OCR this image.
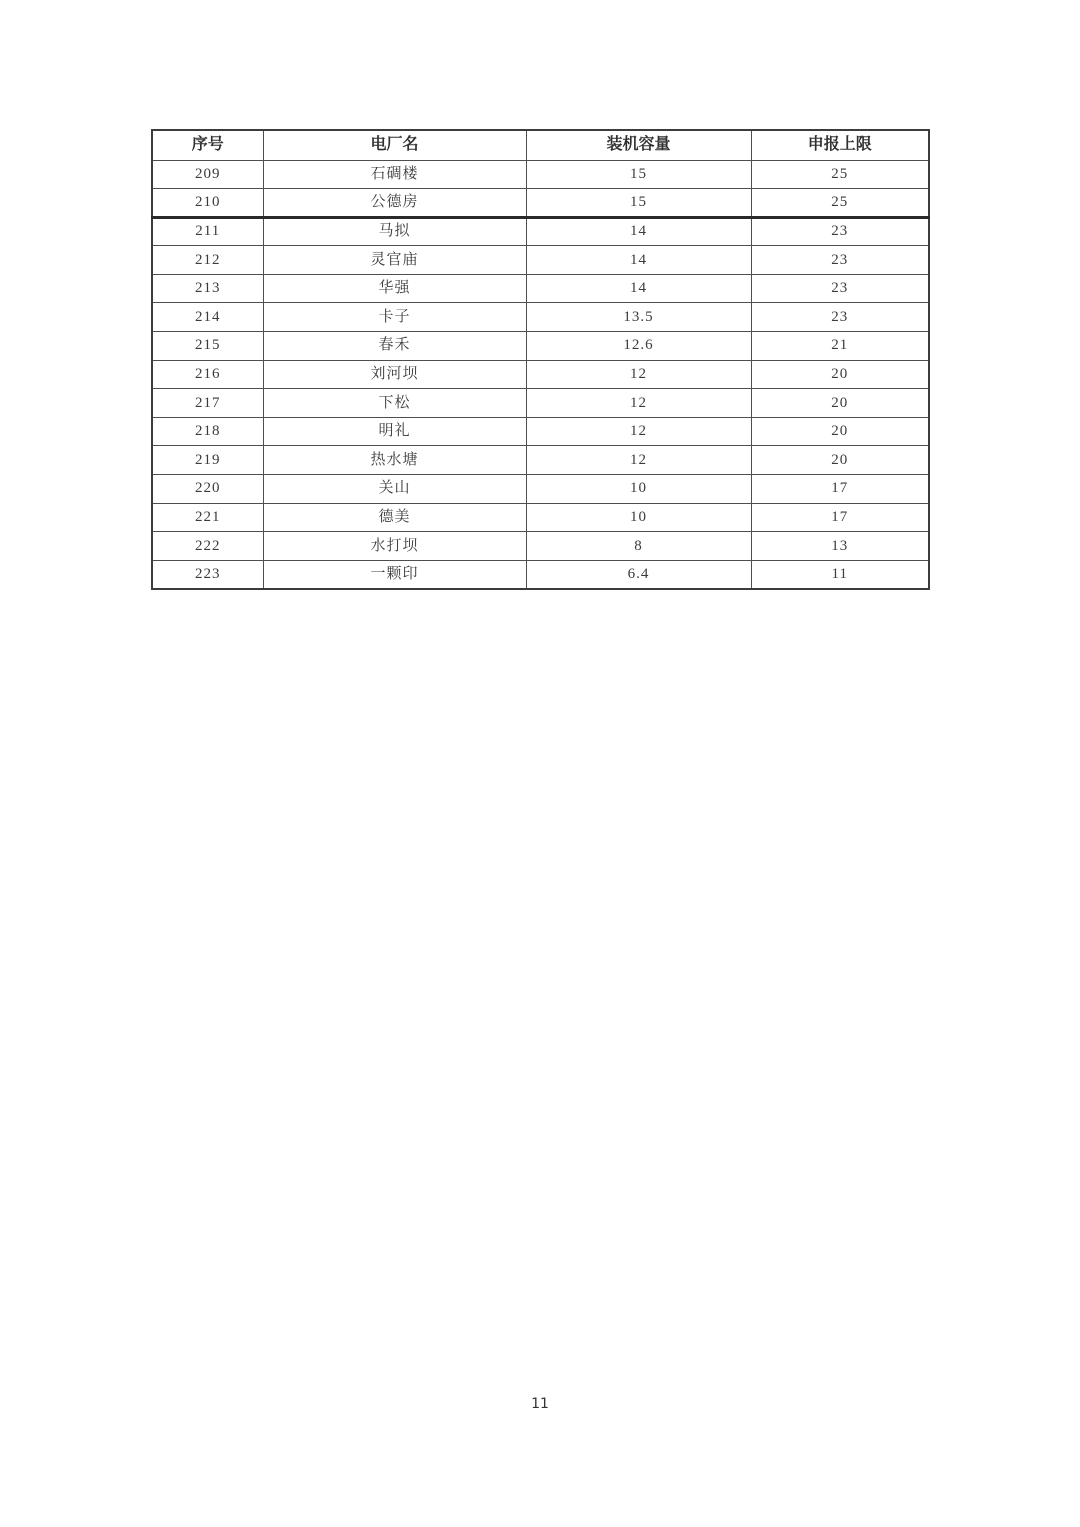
序号	电厂名	装机容量	申报上限
209	石碉楼	15	25
210	公德房	15	25
211	马拟	14	23
212	灵官庙	14	23
213	华强	14	23
214	卡子	13.5	23
215	春禾	12.6	21
216	刘河坝	12	20
217	下松	12	20
218	明礼	12	20
219	热水塘	12	20
220	关山	10	17
221	德美	10	17
222	水打坝	8	13
223	一颗印	6.4	11
11
